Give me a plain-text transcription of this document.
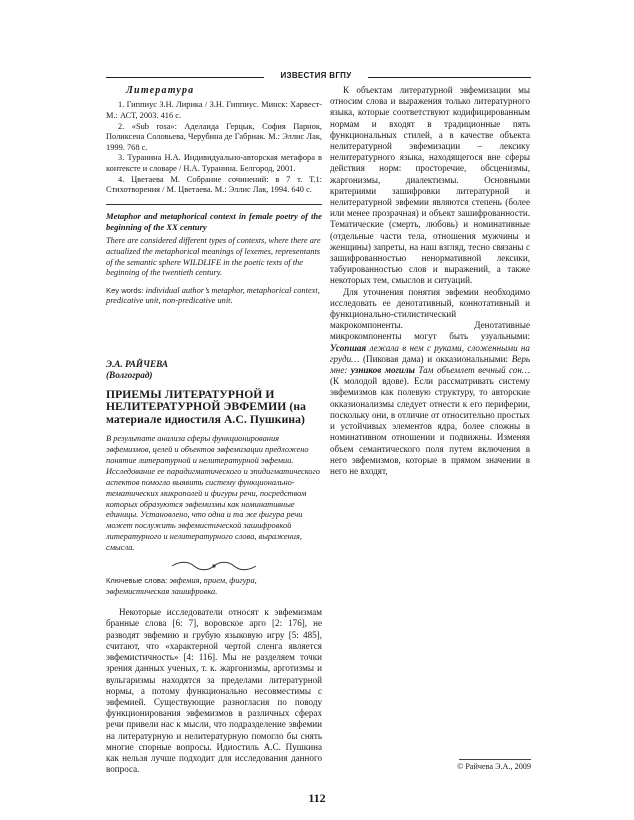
ИЗВЕСТИЯ ВГПУ
Литература

1. Гиппиус З.Н. Лирика / З.Н. Гиппиус. Минск: Харвест-М.: АСТ, 2003. 416 с.

2. «Sub rosa»: Аделаида Герцык, София Парнок, Поликсена Соловьева, Черубина де Габриак. М.: Эллис Лак, 1999. 768 с.

3. Туранина Н.А. Индивидуально-авторская метафора в контексте и словаре / Н.А. Туранина. Белгород, 2001.

4. Цветаева М. Собрание сочинений: в 7 т. Т.1: Стихотворения / М. Цветаева. М.: Эллис Лак, 1994. 640 с.

Metaphor and metaphorical context in female poetry of the beginning of the XX century

There are considered different types of contexts, where there are actualized the metaphorical meanings of lexemes, representants of the semantic sphere WILDLIFE in the poetic texts of the beginning of the twentieth century.

Key words: individual author’s metaphor, metaphorical context, predicative unit, non-predicative unit.

Э.А. РАЙЧЕВА
(Волгоград)
ПРИЕМЫ ЛИТЕРАТУРНОЙ И НЕЛИТЕРАТУРНОЙ ЭВФЕМИИ (на материале идиостиля А.С. Пушкина)

В результате анализа сферы функционирования эвфемизмов, целей и объектов эвфемизации предложено понятие литературной и нелитературной эвфемии. Исследование ее парадигматического и эпидигматического аспектов помогло выявить систему функционально-тематических микрополей и фигуры речи, посредством которых образуются эвфемизмы как номинативные единицы. Установлено, что одна и та же фигура речи может послужить эвфемистической зашифровкой литературного и нелитературного слова, выражения, смысла.

Ключевые слова: эвфемия, прием, фигура, эвфемистическая зашифровка.

Некоторые исследователи относят к эвфемизмам бранные слова [6: 7], воровское арго [2: 176], не разводят эвфемию и грубую языковую игру [5: 485], считают, что «характерной чертой сленга является эвфемистичность» [4: 116]. Мы не разделяем точки зрения данных ученых, т. к. жаргонизмы, арготизмы и вульгаризмы находятся за пределами литературной нормы, а потому функционально несовместимы с эвфемией. Существующие разногласия по поводу функционирования эвфемизмов в различных сферах речи привели нас к мысли, что подразделение эвфемии на литературную и нелитературную помогло бы снять многие спорные вопросы. Идиостиль А.С. Пушкина как нельзя лучше подходит для исследования данного вопроса.

К объектам литературной эвфемизации мы относим слова и выражения только литературного языка, которые соответствуют кодифицированным нормам и входят в традиционные пять функциональных стилей, а в качестве объекта нелитературной эвфемизации – лексику нелитературного языка, находящегося вне сферы действия норм: просторечие, обсценизмы, жаргонизмы, диалектизмы. Основными критериями зашифровки литературной и нелитературной эвфемии являются степень (более или менее прозрачная) и объект зашифрованности. Тематические (смерть, любовь) и номинативные (отдельные части тела, отношения мужчины и женщины) запреты, на наш взгляд, тесно связаны с зашифрованностью ненормативной лексики, табуированностью слов и выражений, а также некоторых тем, смыслов и ситуаций.

Для уточнения понятия эвфемии необходимо исследовать ее денотативный, коннотативный и функционально-стилистический макрокомпоненты. Денотативные микрокомпоненты могут быть узуальными: Усопшая лежала в нем с руками, сложенными на груди… (Пиковая дама) и окказиональными: Верь мне: узников могилы Там объемлет вечный сон… (К молодой вдове). Если рассматривать систему эвфемизмов как полевую структуру, то авторские окказионализмы следует отнести к его периферии, поскольку они, в отличие от относительно простых и устойчивых элементов ядра, более сложны в номинативном отношении и подвижны. Изменяя объем семантического поля путем включения в него эвфемизмов, которые в прямом значении в него не входят,

© Райчева Э.А., 2009
112
